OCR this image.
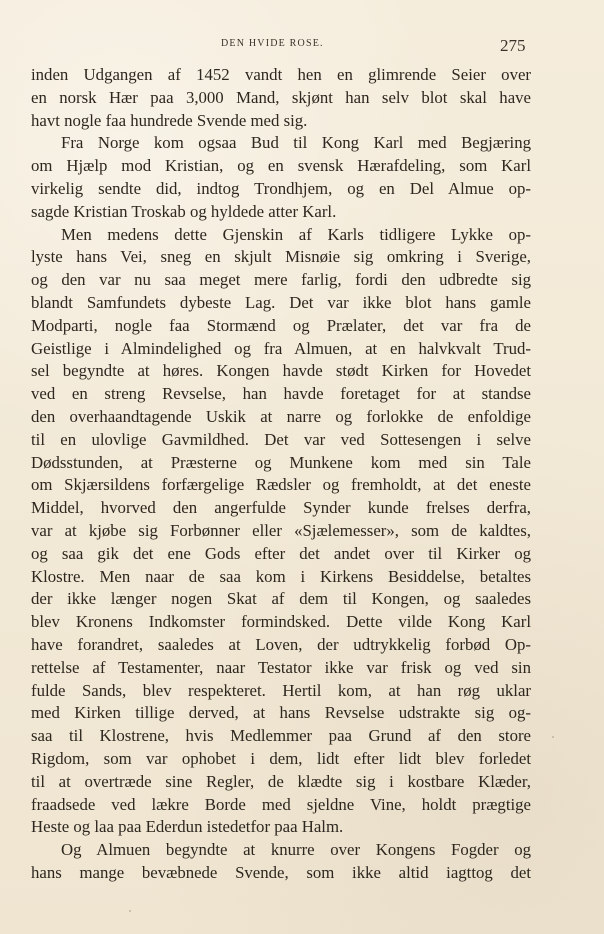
DEN HVIDE ROSE.	275
inden Udgangen af 1452 vandt hen en glimrende Seier over
en norsk Hær paa 3,000 Mand, skjønt han selv blot skal have
havt nogle faa hundrede Svende med sig.
Fra Norge kom ogsaa Bud til Kong Karl med Begjæring
om Hjælp mod Kristian, og en svensk Hærafdeling, som Karl
virkelig sendte did, indtog Trondhjem, og en Del Almue op-
sagde Kristian Troskab og hyldede atter Karl.
Men medens dette Gjenskin af Karls tidligere Lykke op-
lyste hans Vei, sneg en skjult Misnøie sig omkring i Sverige,
og den var nu saa meget mere farlig, fordi den udbredte sig
blandt Samfundets dybeste Lag. Det var ikke blot hans gamle
Modparti, nogle faa Stormænd og Prælater, det var fra de
Geistlige i Almindelighed og fra Almuen, at en halvkvalt Trud-
sel begyndte at høres. Kongen havde stødt Kirken for Hovedet
ved en streng Revselse, han havde foretaget for at standse
den overhaandtagende Uskik at narre og forlokke de enfoldige
til en ulovlige Gavmildhed. Det var ved Sottesengen i selve
Dødsstunden, at Præsterne og Munkene kom med sin Tale
om Skjærsildens forfærgelige Rædsler og fremholdt, at det eneste
Middel, hvorved den angerfulde Synder kunde frelses derfra,
var at kjøbe sig Forbønner eller «Sjælemesser», som de kaldtes,
og saa gik det ene Gods efter det andet over til Kirker og
Klostre. Men naar de saa kom i Kirkens Besiddelse, betaltes
der ikke længer nogen Skat af dem til Kongen, og saaledes
blev Kronens Indkomster formindsked. Dette vilde Kong Karl
have forandret, saaledes at Loven, der udtrykkelig forbød Op-
rettelse af Testamenter, naar Testator ikke var frisk og ved sin
fulde Sands, blev respekteret. Hertil kom, at han røg uklar
med Kirken tillige derved, at hans Revselse udstrakte sig og-
saa til Klostrene, hvis Medlemmer paa Grund af den store
Rigdom, som var ophobet i dem, lidt efter lidt blev forledet
til at overtræde sine Regler, de klædte sig i kostbare Klæder,
fraadsede ved lækre Borde med sjeldne Vine, holdt prægtige
Heste og laa paa Ederdun istedetfor paa Halm.
Og Almuen begyndte at knurre over Kongens Fogder og
hans mange bevæbnede Svende, som ikke altid iagttog det
